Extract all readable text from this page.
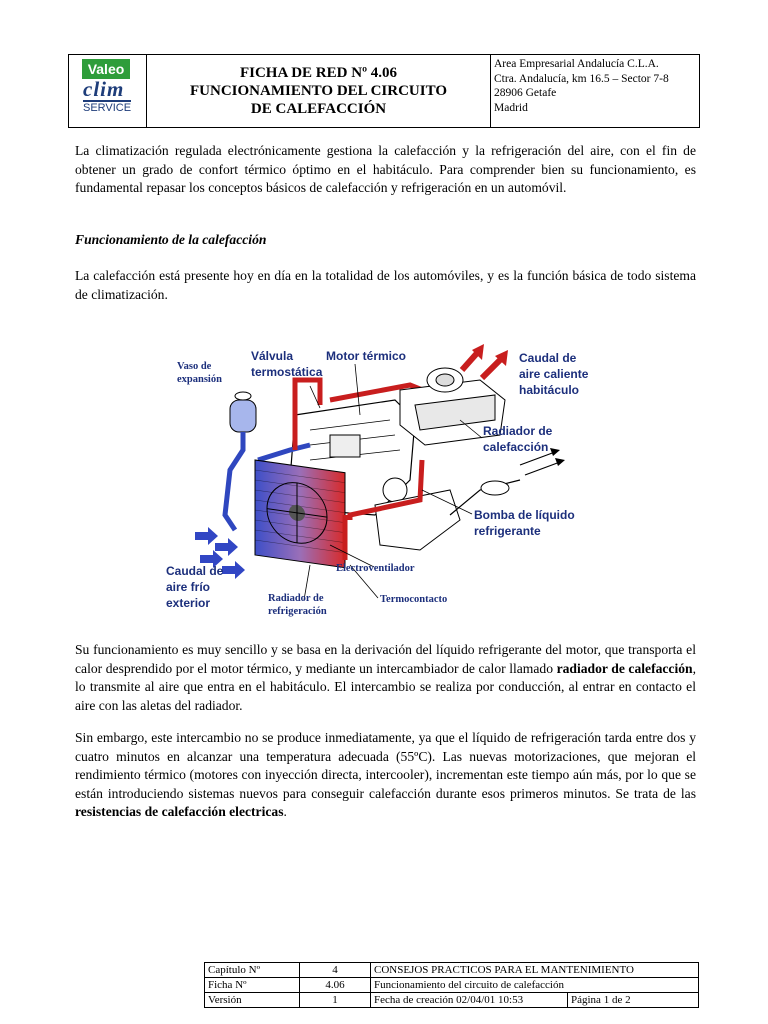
Valeo
clim
SERVICE
FICHA DE RED Nº 4.06
FUNCIONAMIENTO DEL CIRCUITO
DE CALEFACCIÓN
Area Empresarial Andalucía C.L.A.
Ctra. Andalucía, km 16.5 – Sector 7-8
28906 Getafe
Madrid

La climatización regulada electrónicamente gestiona la calefacción y la refrigeración del aire, con el fin de obtener un grado de confort térmico óptimo en el habitáculo. Para comprender bien su funcionamiento, es fundamental repasar los conceptos básicos de calefacción y refrigeración en un automóvil.

Funcionamiento de la calefacción

La calefacción está presente hoy en día en la totalidad de los automóviles, y es la función básica de todo sistema de climatización.

Vaso de expansión
Válvula termostática
Motor térmico	Caudal de aire caliente habitáculo
Radiador de calefacción
Bomba de líquido refrigerante
Caudal de aire frío exterior
Electroventilador
Radiador de refrigeración
Termocontacto

Su funcionamiento es muy sencillo y se basa en la derivación del líquido refrigerante del motor, que transporta el calor desprendido por el motor térmico, y mediante un intercambiador de calor llamado radiador de calefacción, lo transmite al aire que entra en el habitáculo. El intercambio se realiza por conducción, al entrar en contacto el aire con las aletas del radiador.

Sin embargo, este intercambio no se produce inmediatamente, ya que el líquido de refrigeración tarda entre dos y cuatro minutos en alcanzar una temperatura adecuada (55ºC). Las nuevas motorizaciones, que mejoran el rendimiento térmico (motores con inyección directa, intercooler), incrementan este tiempo aún más, por lo que se están introduciendo sistemas nuevos para conseguir calefacción durante esos primeros minutos. Se trata de las resistencias de calefacción electricas.

Capítulo Nº	4	CONSEJOS PRACTICOS PARA EL MANTENIMIENTO	
Ficha Nº	4.06	Funcionamiento del circuito de calefacción	
Versión	1	Fecha de creación 02/04/01 10:53	Página 1 de 2
